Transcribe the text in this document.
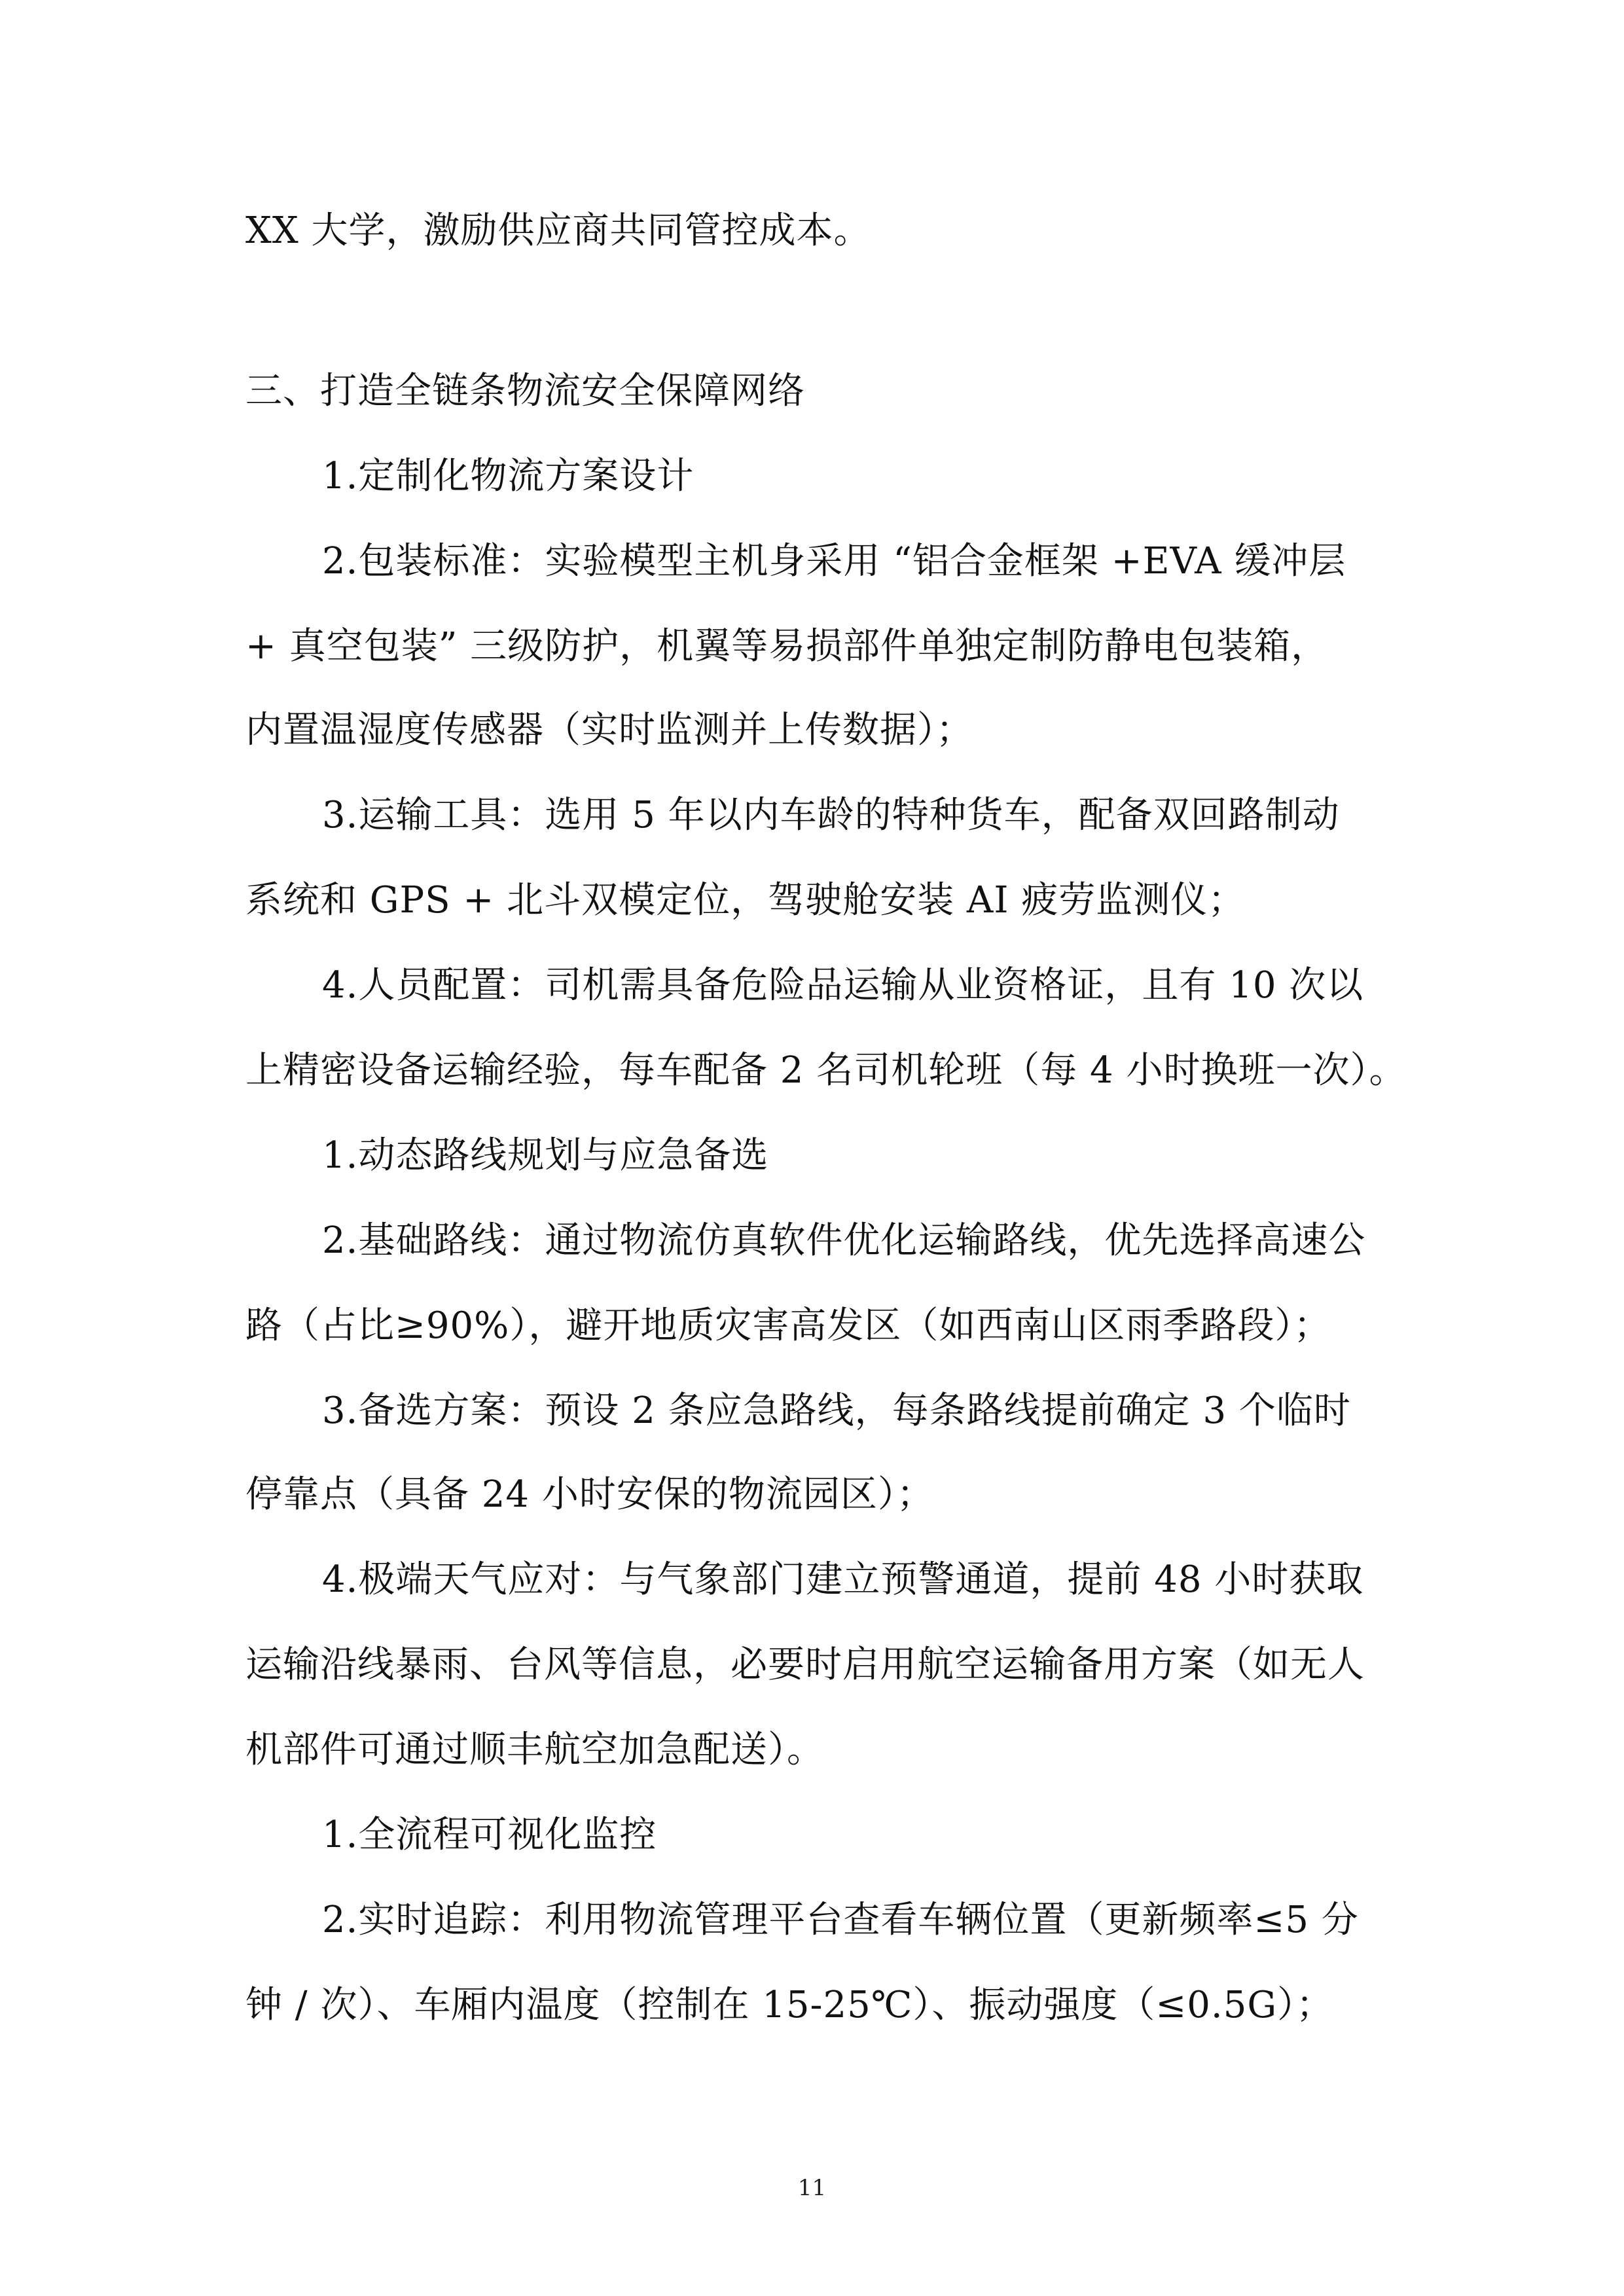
XX 大学，激励供应商共同管控成本。
三、打造全链条物流安全保障网络
1.定制化物流方案设计
2.包装标准：实验模型主机身采用 “铝合金框架 +EVA 缓冲层
+ 真空包装” 三级防护，机翼等易损部件单独定制防静电包装箱，
内置温湿度传感器（实时监测并上传数据）；
3.运输工具：选用 5 年以内车龄的特种货车，配备双回路制动
系统和 GPS + 北斗双模定位，驾驶舱安装 AI 疲劳监测仪；
4.人员配置：司机需具备危险品运输从业资格证，且有 10 次以
上精密设备运输经验，每车配备 2 名司机轮班（每 4 小时换班一次）。
1.动态路线规划与应急备选
2.基础路线：通过物流仿真软件优化运输路线，优先选择高速公
路（占比≥90%），避开地质灾害高发区（如西南山区雨季路段）；
3.备选方案：预设 2 条应急路线，每条路线提前确定 3 个临时
停靠点（具备 24 小时安保的物流园区）；
4.极端天气应对：与气象部门建立预警通道，提前 48 小时获取
运输沿线暴雨、台风等信息，必要时启用航空运输备用方案（如无人
机部件可通过顺丰航空加急配送）。
1.全流程可视化监控
2.实时追踪：利用物流管理平台查看车辆位置（更新频率≤5 分
钟 / 次）、车厢内温度（控制在 15-25℃）、振动强度（≤0.5G）；
11
